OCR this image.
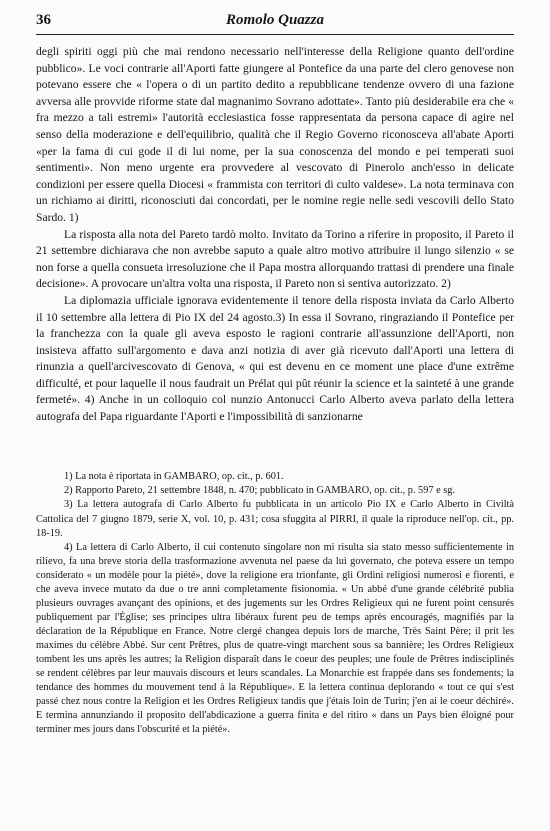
36	Romolo Quazza

degli spiriti oggi più che mai rendono necessario nell'interesse della Religione quanto dell'ordine pubblico». Le voci contrarie all'Aporti fatte giungere al Pontefice da una parte del clero genovese non potevano essere che « l'opera o di un partito dedito a repubblicane tendenze ovvero di una fazione avversa alle provvide riforme state dal magnanimo Sovrano adottate». Tanto più desiderabile era che « fra mezzo a tali estremi» l'autorità ecclesiastica fosse rappresentata da persona capace di agire nel senso della moderazione e dell'equilibrio, qualità che il Regio Governo riconosceva all'abate Aporti «per la fama di cui gode il di lui nome, per la sua conoscenza del mondo e pei temperati suoi sentimenti». Non meno urgente era provvedere al vescovato di Pinerolo anch'esso in delicate condizioni per essere quella Diocesi « frammista con territori di culto valdese». La nota terminava con un richiamo ai diritti, riconosciuti dai concordati, per le nomine regie nelle sedi vescovili dello Stato Sardo. 1)

La risposta alla nota del Pareto tardò molto. Invitato da Torino a riferire in proposito, il Pareto il 21 settembre dichiarava che non avrebbe saputo a quale altro motivo attribuire il lungo silenzio « se non forse a quella consueta irresoluzione che il Papa mostra allorquando trattasi di prendere una finale decisione». A provocare un'altra volta una risposta, il Pareto non si sentiva autorizzato. 2)

La diplomazia ufficiale ignorava evidentemente il tenore della risposta inviata da Carlo Alberto il 10 settembre alla lettera di Pio IX del 24 agosto.3) In essa il Sovrano, ringraziando il Pontefice per la franchezza con la quale gli aveva esposto le ragioni contrarie all'assunzione dell'Aporti, non insisteva affatto sull'argomento e dava anzi notizia di aver già ricevuto dall'Aporti una lettera di rinunzia a quell'arcivescovato di Genova, « qui est devenu en ce moment une place d'une extrême difficulté, et pour laquelle il nous faudrait un Prélat qui pût réunir la science et la sainteté à une grande fermeté». 4) Anche in un colloquio col nunzio Antonucci Carlo Alberto aveva parlato della lettera autografa del Papa riguardante l'Aporti e l'impossibilità di sanzionarne

1) La nota è riportata in GAMBARO, op. cit., p. 601.

2) Rapporto Pareto, 21 settembre 1848, n. 470; pubblicato in GAMBARO, op. cit., p. 597 e sg.

3) La lettera autografa di Carlo Alberto fu pubblicata in un articolo Pio IX e Carlo Alberto in Civiltà Cattolica del 7 giugno 1879, serie X, vol. 10, p. 431; cosa sfuggita al PIRRI, il quale la riproduce nell'op. cit., pp. 18-19.

4) La lettera di Carlo Alberto, il cui contenuto singolare non mi risulta sia stato messo sufficientemente in rilievo, fa una breve storia della trasformazione avvenuta nel paese da lui governato, che poteva essere un tempo considerato « un modèle pour la piété», dove la religione era trionfante, gli Ordini religiosi numerosi e fiorenti, e che aveva invece mutato da due o tre anni completamente fisionomia. « Un abbé d'une grande célébrité publia plusieurs ouvrages avançant des opinions, et des jugements sur les Ordres Religieux qui ne furent point censurés publiquement par l'Église; ses principes ultra libéraux furent peu de temps après encouragés, magnifiés par la déclaration de la République en France. Notre clergé changea depuis lors de marche, Très Saint Père; il prit les maximes du célèbre Abbé. Sur cent Prêtres, plus de quatre-vingt marchent sous sa bannière; les Ordres Religieux tombent les uns après les autres; la Religion disparaît dans le coeur des peuples; une foule de Prêtres indisciplinés se rendent célèbres par leur mauvais discours et leurs scandales. La Monarchie est frappée dans ses fondements; la tendance des hommes du mouvement tend à la République». E la lettera continua deplorando « tout ce qui s'est passé chez nous contre la Religion et les Ordres Religieux tandis que j'étais loin de Turin; j'en ai le coeur déchiré». E termina annunziando il proposito dell'abdicazione a guerra finita e del ritiro « dans un Pays bien éloigné pour terminer mes jours dans l'obscurité et la piété».
